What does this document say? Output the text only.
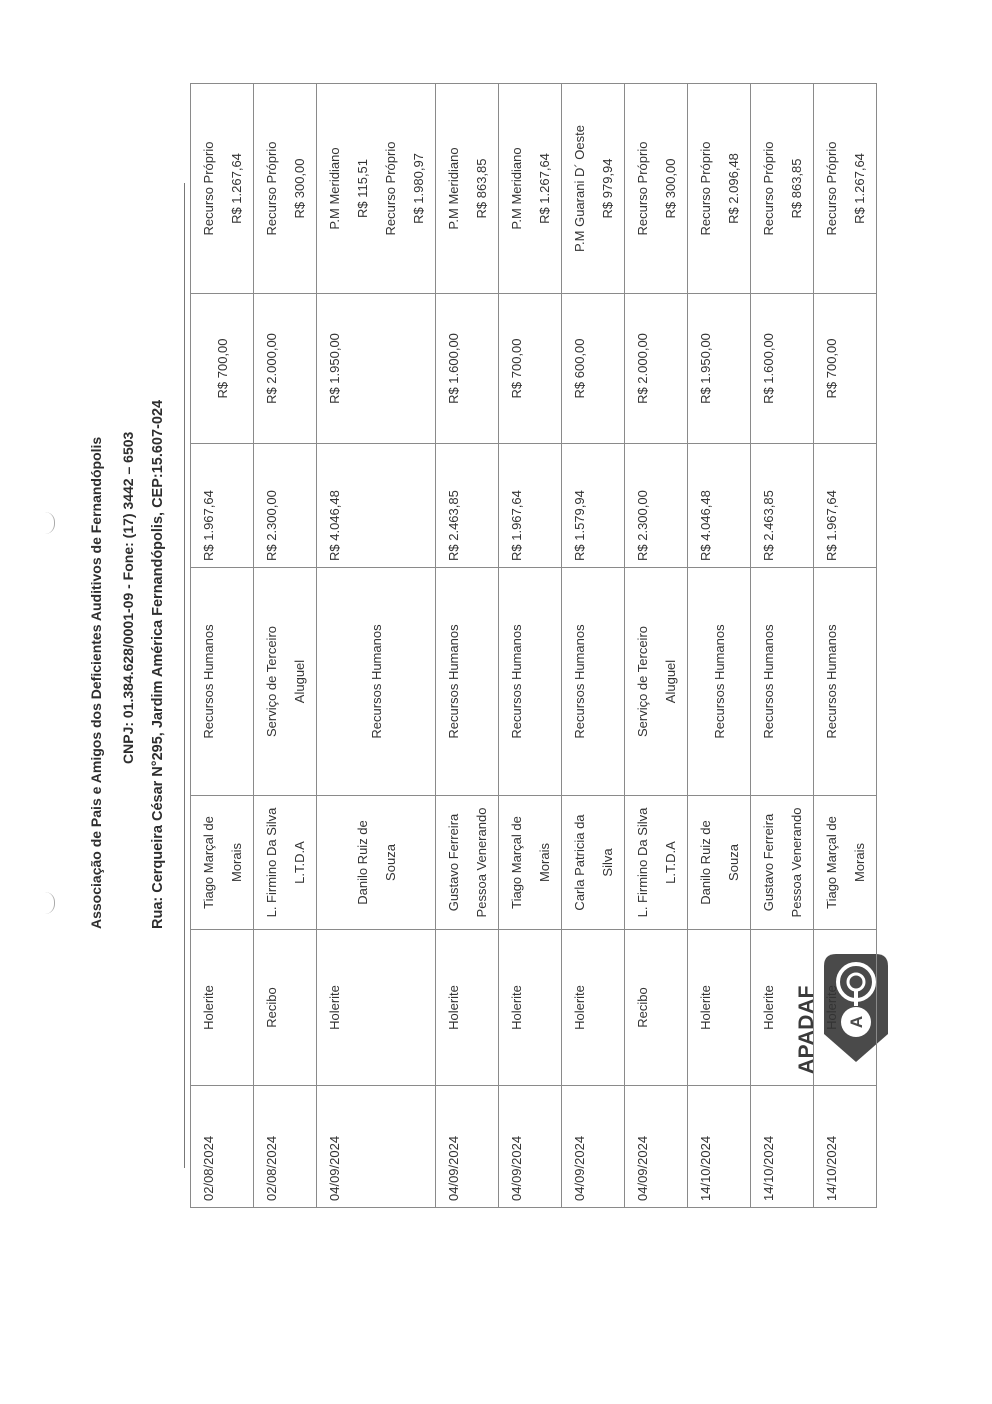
A
APADAF
Associação de Pais e Amigos dos Deficientes Auditivos de Fernandópolis CNPJ: 01.384.628/0001-09 - Fone: (17) 3442 – 6503 Rua: Cerqueira César N°295, Jardim América Fernandópolis, CEP:15.607-024
02/08/2024	Holerite	Tiago Marçal de Morais	Recursos Humanos	R$ 1.967,64	R$ 700,00	Recurso Próprio R$ 1.267,64

02/08/2024	Recibo	L. Firmino Da Silva L.T.D.A	Serviço de Terceiro Aluguel	R$ 2.300,00	R$ 2.000,00	Recurso Próprio R$ 300,00

04/09/2024	Holerite	Danilo Ruiz de Souza	Recursos Humanos	R$ 4.046,48	R$ 1.950,00	P.M Meridiano R$ 115,51 Recurso Próprio R$ 1.980,97

04/09/2024	Holerite	Gustavo Ferreira Pessoa Venerando	Recursos Humanos	R$ 2.463,85	R$ 1.600,00	P.M Meridiano R$ 863,85

04/09/2024	Holerite	Tiago Marçal de Morais	Recursos Humanos	R$ 1.967,64	R$ 700,00	P.M Meridiano R$ 1.267,64

04/09/2024	Holerite	Carla Patricia da Silva	Recursos Humanos	R$ 1.579,94	R$ 600,00	P.M Guarani D´ Oeste R$ 979,94

04/09/2024	Recibo	L. Firmino Da Silva L.T.D.A	Serviço de Terceiro Aluguel	R$ 2.300,00	R$ 2.000,00	Recurso Próprio R$ 300,00

14/10/2024	Holerite	Danilo Ruiz de Souza	Recursos Humanos	R$ 4.046,48	R$ 1.950,00	Recurso Próprio R$ 2.096,48

14/10/2024	Holerite	Gustavo Ferreira Pessoa Venerando	Recursos Humanos	R$ 2.463,85	R$ 1.600,00	Recurso Próprio R$ 863,85

14/10/2024	Holerite	Tiago Marçal de Morais	Recursos Humanos	R$ 1.967,64	R$ 700,00	Recurso Próprio R$ 1.267,64
